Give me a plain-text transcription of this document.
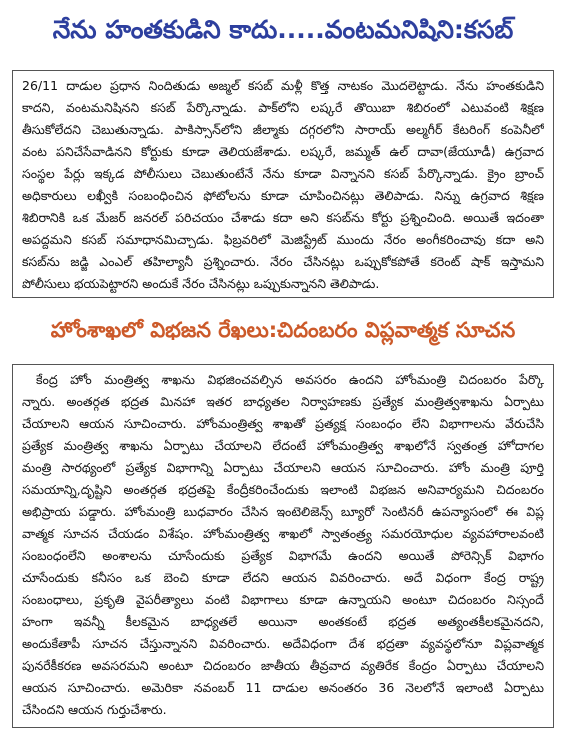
నేను హంతకుడిని కాదు.....వంటమనిషిని:కసబ్
26/11 దాడుల ప్రధాన నిందితుడు అజ్మల్ కసబ్ మళ్లీ కొత్త నాటకం మొదలెట్టాడు. నేను హంతకుడిని
కాదని, వంటమనిషినని కసబ్ పేర్కొన్నాడు. పాక్‌లోని లష్కరే తొయిబా శిబిరంలో ఎటువంటి శిక్షణ
తీసుకోలేదని చెబుతున్నాడు. పాకిస్సాన్‌లోని జీల్మాకు దగ్గరలోని సారాయ్ అల్మగీర్ కేటరింగ్ కంపెనీలో
వంట పనిచేసేవాడినని కోర్టుకు కూడా తెలియజేశాడు. లష్కరే, జమ్మత్ ఉల్ దావా(జేయూడీ) ఉగ్రవాద
సంస్థల పేర్లు ఇక్కడ పోలీసులు చెబుతుంటేనే నేను కూడా విన్నానని కసబ్ పేర్కొన్నాడు. క్రైం బ్రాంచ్
అధికారులు లఖ్వీకి సంబంధించిన ఫోటోలను కూడా చూపించినట్లు తెలిపాడు. నిన్ను ఉగ్రవాద శిక్షణ
శిబిరానికి ఒక మేజర్ జనరల్ పరిచయం చేశాడు కదా అని కసబ్‌ను కోర్టు ప్రశ్నించింది. అయితే ఇదంతా
అపద్దమని కసబ్ సమాధానమిచ్చాడు. ఫిబ్రవరిలో మెజిస్ట్రేట్ ముందు నేరం అంగీకరించావు కదా అని
కసబ్‌ను జడ్జి ఎంఎల్ తహిల్యానీ ప్రశ్నించారు. నేరం చేసినట్లు ఒప్పుకోకపోతే కరెంట్ షాక్ ఇస్తామని
పోలీసులు భయపెట్టారని అందుకే నేరం చేసినట్లు ఒప్పుకున్నానని తెలిపాడు.
హోంశాఖలో విభజన రేఖలు:చిదంబరం విప్లవాత్మక సూచన
కేంద్ర హోం మంత్రిత్వ శాఖను విభజించవల్సిన అవసరం ఉందని హోంమంత్రి చిదంబరం పేర్కొ
న్నారు. అంతర్గత భద్రత మినహా ఇతర బాధ్యతల నిర్వాహణకు ప్రత్యేక మంత్రిత్వశాఖను ఏర్పాటు
చేయాలని ఆయన సూచించారు. హోంమంత్రిత్వ శాఖతో ప్రత్యక్ష సంబంధం లేని విభాగాలను వేరుచేసి
ప్రత్యేక మంత్రిత్వ శాఖను ఏర్పాటు చేయాలని లేదంటే హోంమంత్రిత్వ శాఖలోనే స్వతంత్ర హోదాగల
మంత్రి సారథ్యంలో ప్రత్యేక విభాగాన్ని ఏర్పాటు చేయాలని ఆయన సూచించారు. హోం మంత్రి పూర్తి
సమయాన్ని,దృష్టిని అంతర్గత భద్రతపై కేంద్రీకరించేందుకు ఇలాంటి విభజన అనివార్యమని చిదంబరం
అభిప్రాయ పడ్డారు. హోంమంత్రి బుధవారం చేసిన ఇంటెలిజెన్స్ బ్యూరో సెంటినరీ ఉపన్యాసంలో ఈ విప్ల
వాత్మక సూచన చేయడం విశేషం. హోంమంత్రిత్వ శాఖలో స్వాతంత్ర్య సమరయోధుల వ్యవహారాలవంటి
సంబంధంలేని అంశాలను చూసేందుకు ప్రత్యేక విభాగమే ఉందని అయితే పోరెన్సిక్ విభాగం
చూసేందుకు కనీసం ఒక బెంచి కూడా లేదని ఆయన వివరించారు. అదే విధంగా కేంద్ర రాష్ట్ర
సంబంధాలు, ప్రకృతి వైపరీత్యాలు వంటి విభాగాలు కూడా ఉన్నాయని అంటూ చిదంబరం నిస్సందే
హంగా ఇవన్నీ కీలకమైన బాధ్యతలే అయినా అంతకంటే భద్రత అత్యంతకీలకమైనదని,
అందుకేతాపీ సూచన చేస్తున్నానని వివరించారు. అదేవిధంగా దేశ భద్రతా వ్యవస్థలోనూ విప్లవాత్మక
పునరేకీకరణ అవసరమని అంటూ చిదంబరం జాతీయ తీవ్రవాద వ్యతిరేక కేంద్రం ఏర్పాటు చేయాలని
ఆయన సూచించారు. అమెరికా నవంబర్ 11 దాడుల అనంతరం 36 నెలలోనే ఇలాంటి ఏర్పాటు
చేసిందని ఆయన గుర్తుచేశారు.
